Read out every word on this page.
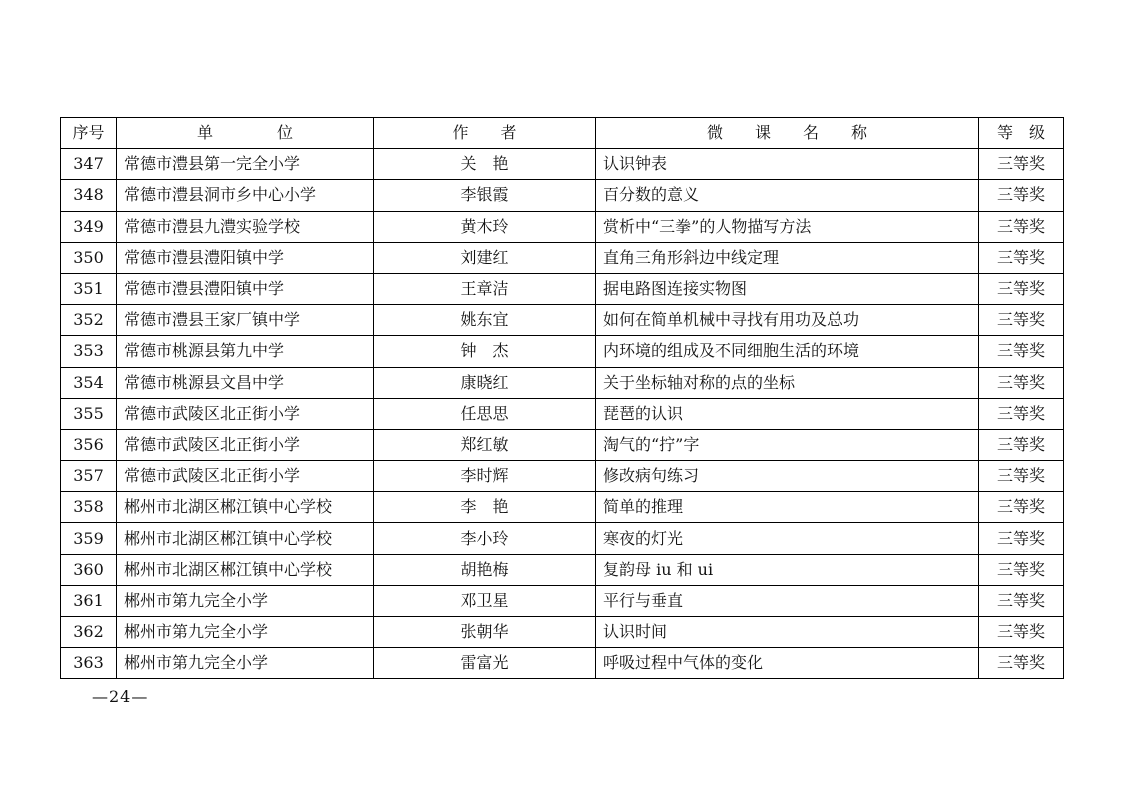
序号	单　　　　位	作　　者	微　　课　　名　　称	等　级
347	常德市澧县第一完全小学	关　艳	认识钟表	三等奖
348	常德市澧县洞市乡中心小学	李银霞	百分数的意义	三等奖
349	常德市澧县九澧实验学校	黄木玲	赏析中“三拳”的人物描写方法	三等奖
350	常德市澧县澧阳镇中学	刘建红	直角三角形斜边中线定理	三等奖
351	常德市澧县澧阳镇中学	王章洁	据电路图连接实物图	三等奖
352	常德市澧县王家厂镇中学	姚东宜	如何在简单机械中寻找有用功及总功	三等奖
353	常德市桃源县第九中学	钟　杰	内环境的组成及不同细胞生活的环境	三等奖
354	常德市桃源县文昌中学	康晓红	关于坐标轴对称的点的坐标	三等奖
355	常德市武陵区北正街小学	任思思	琵琶的认识	三等奖
356	常德市武陵区北正街小学	郑红敏	淘气的“拧”字	三等奖
357	常德市武陵区北正街小学	李时辉	修改病句练习	三等奖
358	郴州市北湖区郴江镇中心学校	李　艳	简单的推理	三等奖
359	郴州市北湖区郴江镇中心学校	李小玲	寒夜的灯光	三等奖
360	郴州市北湖区郴江镇中心学校	胡艳梅	复韵母 iu 和 ui	三等奖
361	郴州市第九完全小学	邓卫星	平行与垂直	三等奖
362	郴州市第九完全小学	张朝华	认识时间	三等奖
363	郴州市第九完全小学	雷富光	呼吸过程中气体的变化	三等奖
—24—
